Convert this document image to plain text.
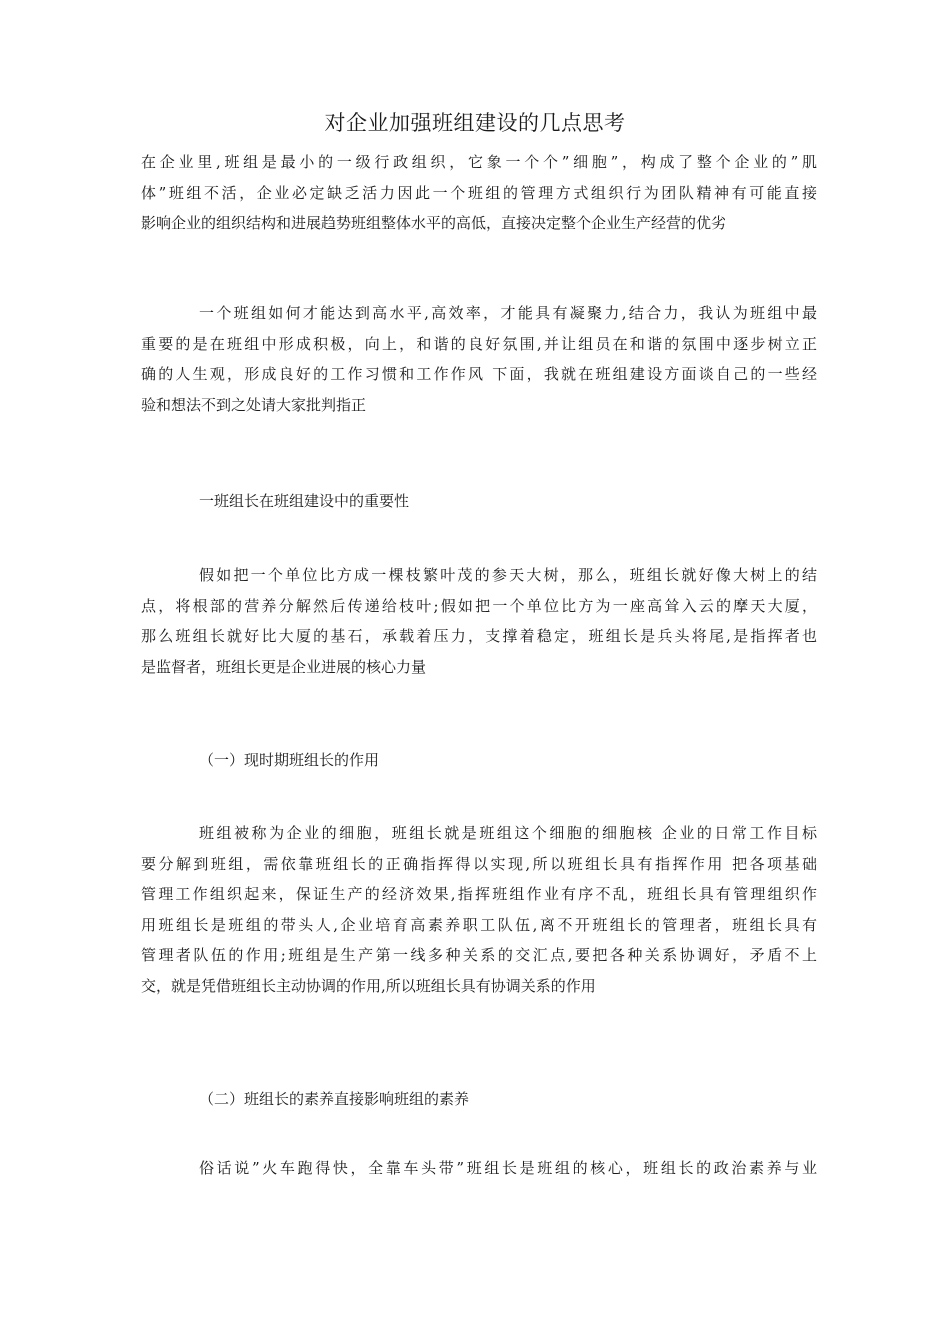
对企业加强班组建设的几点思考
在企业里,班组是最小的一级行政组织，它象一个个”细胞”，构成了整个企业的”肌
体”班组不活，企业必定缺乏活力因此一个班组的管理方式组织行为团队精神有可能直接
影响企业的组织结构和进展趋势班组整体水平的高低，直接决定整个企业生产经营的优劣
一个班组如何才能达到高水平,高效率，才能具有凝聚力,结合力，我认为班组中最
重要的是在班组中形成积极，向上，和谐的良好氛围,并让组员在和谐的氛围中逐步树立正
确的人生观，形成良好的工作习惯和工作作风 下面，我就在班组建设方面谈自己的一些经
验和想法不到之处请大家批判指正
一班组长在班组建设中的重要性
假如把一个单位比方成一棵枝繁叶茂的参天大树，那么，班组长就好像大树上的结
点，将根部的营养分解然后传递给枝叶;假如把一个单位比方为一座高耸入云的摩天大厦，
那么班组长就好比大厦的基石，承载着压力，支撑着稳定，班组长是兵头将尾,是指挥者也
是监督者，班组长更是企业进展的核心力量
（一）现时期班组长的作用
班组被称为企业的细胞，班组长就是班组这个细胞的细胞核 企业的日常工作目标
要分解到班组，需依靠班组长的正确指挥得以实现,所以班组长具有指挥作用 把各项基础
管理工作组织起来，保证生产的经济效果,指挥班组作业有序不乱，班组长具有管理组织作
用班组长是班组的带头人,企业培育高素养职工队伍,离不开班组长的管理者，班组长具有
管理者队伍的作用;班组是生产第一线多种关系的交汇点,要把各种关系协调好，矛盾不上
交，就是凭借班组长主动协调的作用,所以班组长具有协调关系的作用
（二）班组长的素养直接影响班组的素养
俗话说”火车跑得快，全靠车头带”班组长是班组的核心，班组长的政治素养与业
